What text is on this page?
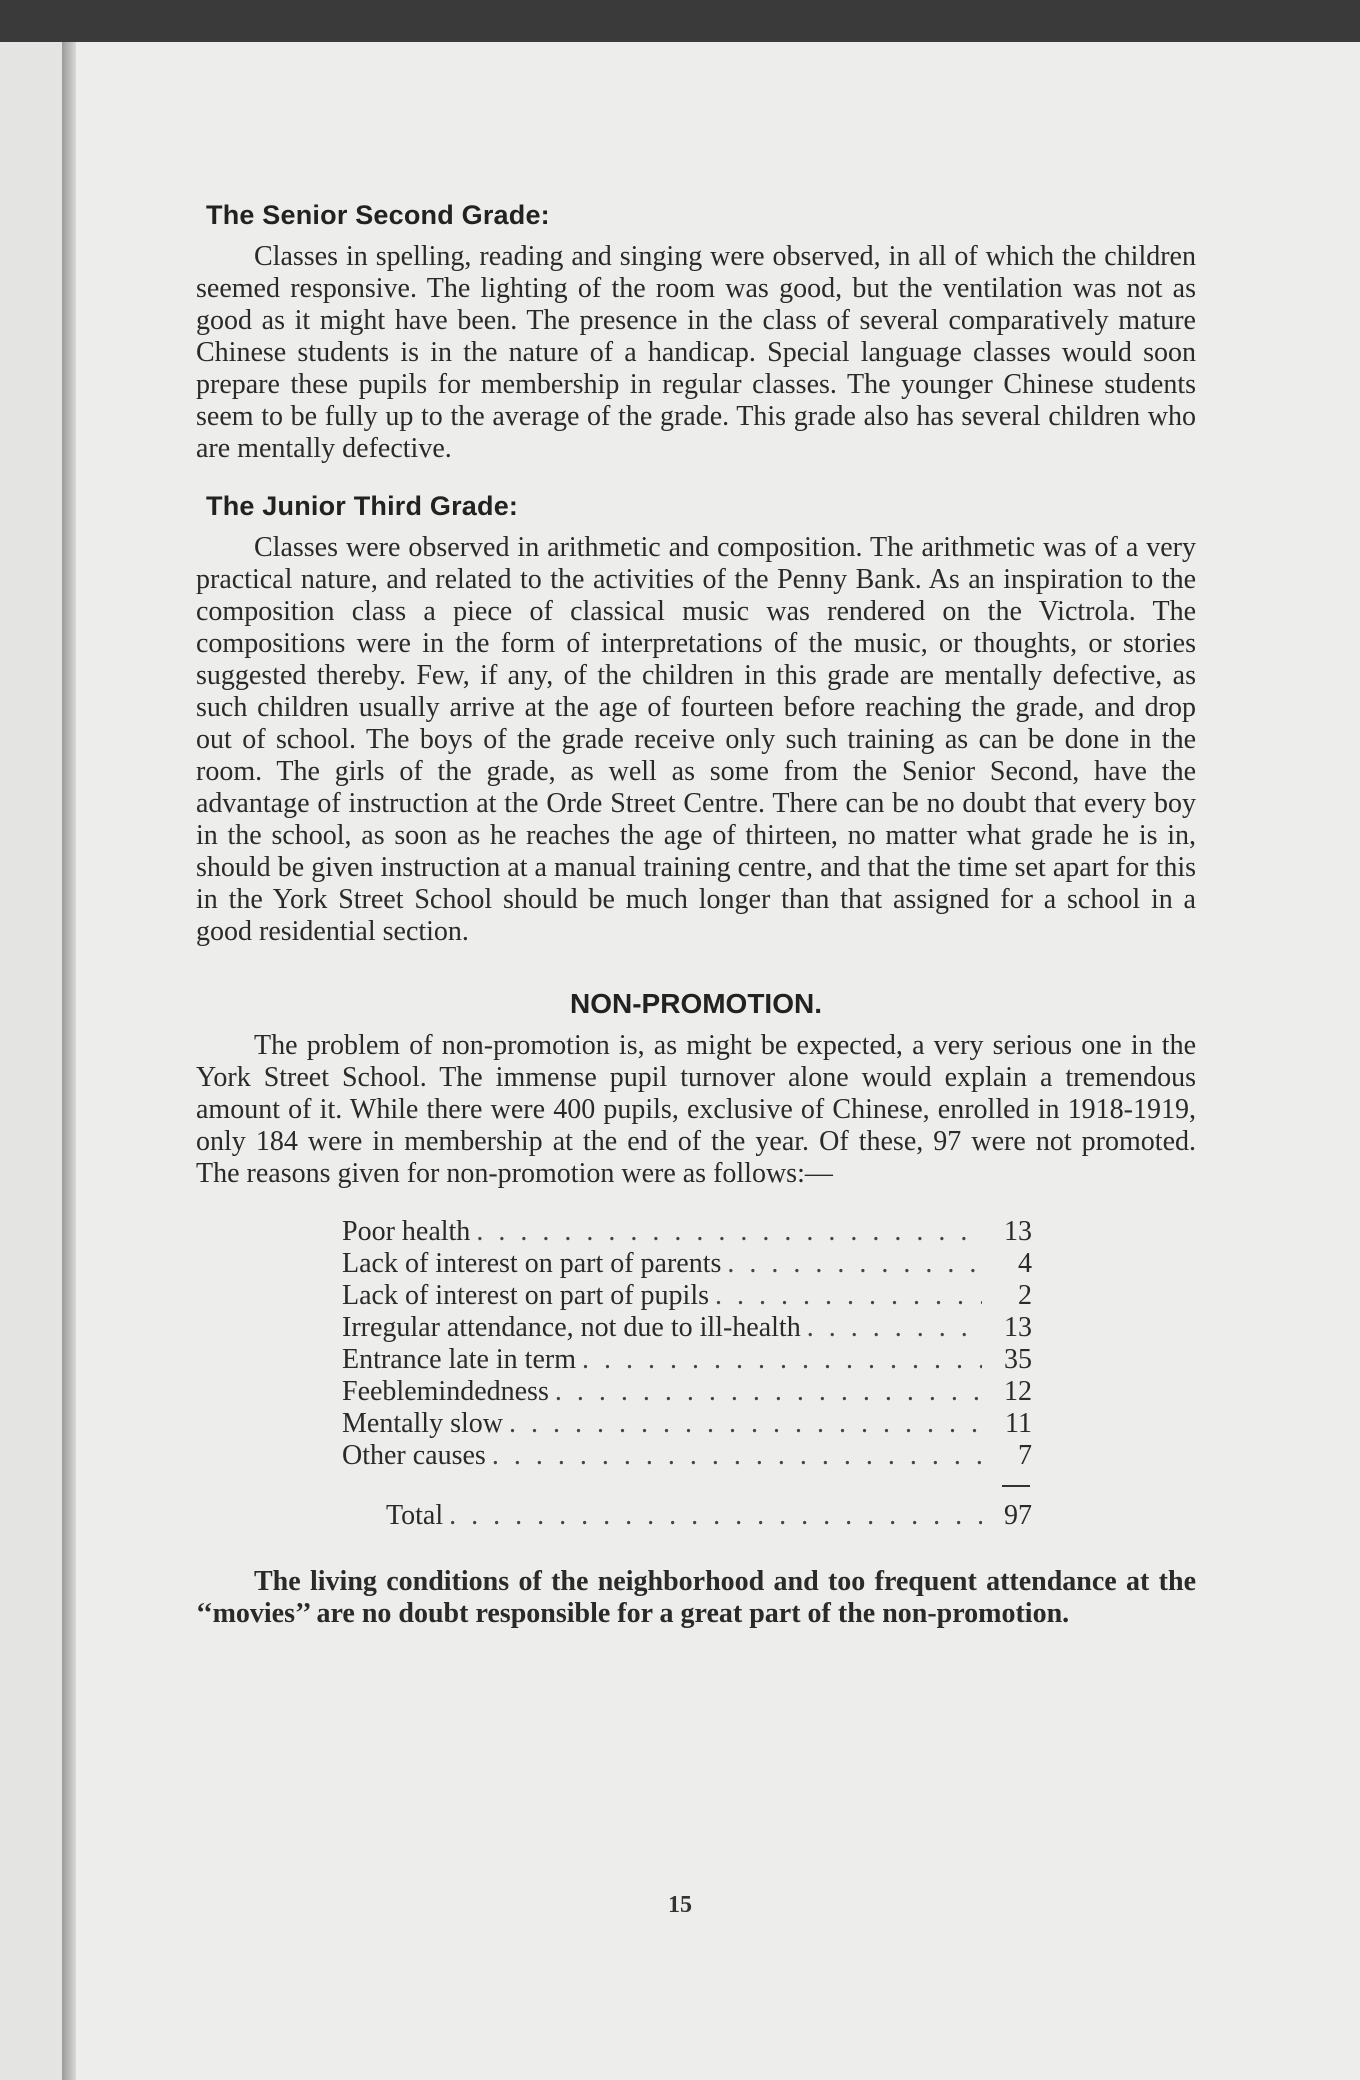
The Senior Second Grade:

Classes in spelling, reading and singing were observed, in all of which the children seemed responsive. The lighting of the room was good, but the ventilation was not as good as it might have been. The presence in the class of several comparatively mature Chinese students is in the nature of a handicap. Special language classes would soon prepare these pupils for membership in regular classes. The younger Chinese students seem to be fully up to the average of the grade. This grade also has several children who are mentally defective.

The Junior Third Grade:

Classes were observed in arithmetic and composition. The arithmetic was of a very practical nature, and related to the activities of the Penny Bank. As an inspiration to the composition class a piece of classical music was rendered on the Victrola. The compositions were in the form of interpretations of the music, or thoughts, or stories suggested thereby. Few, if any, of the children in this grade are mentally defective, as such children usually arrive at the age of fourteen before reaching the grade, and drop out of school. The boys of the grade receive only such training as can be done in the room. The girls of the grade, as well as some from the Senior Second, have the advantage of instruction at the Orde Street Centre. There can be no doubt that every boy in the school, as soon as he reaches the age of thirteen, no matter what grade he is in, should be given instruction at a manual training centre, and that the time set apart for this in the York Street School should be much longer than that assigned for a school in a good residential section.

NON-PROMOTION.

The problem of non-promotion is, as might be expected, a very serious one in the York Street School. The immense pupil turnover alone would explain a tremendous amount of it. While there were 400 pupils, exclusive of Chinese, enrolled in 1918-1919, only 184 were in membership at the end of the year. Of these, 97 were not promoted. The reasons given for non-promotion were as follows:—

Poor health . . .	13
Lack of interest on part of parents . . .	4
Lack of interest on part of pupils . . .	2
Irregular attendance, not due to ill-health . . .	13
Entrance late in term . . .	35
Feeblemindedness . . .	12
Mentally slow . . .	11
Other causes . . .	7
Total . . .	97

The living conditions of the neighborhood and too frequent attendance at the ‘‘movies’’ are no doubt responsible for a great part of the non-promotion.

15
